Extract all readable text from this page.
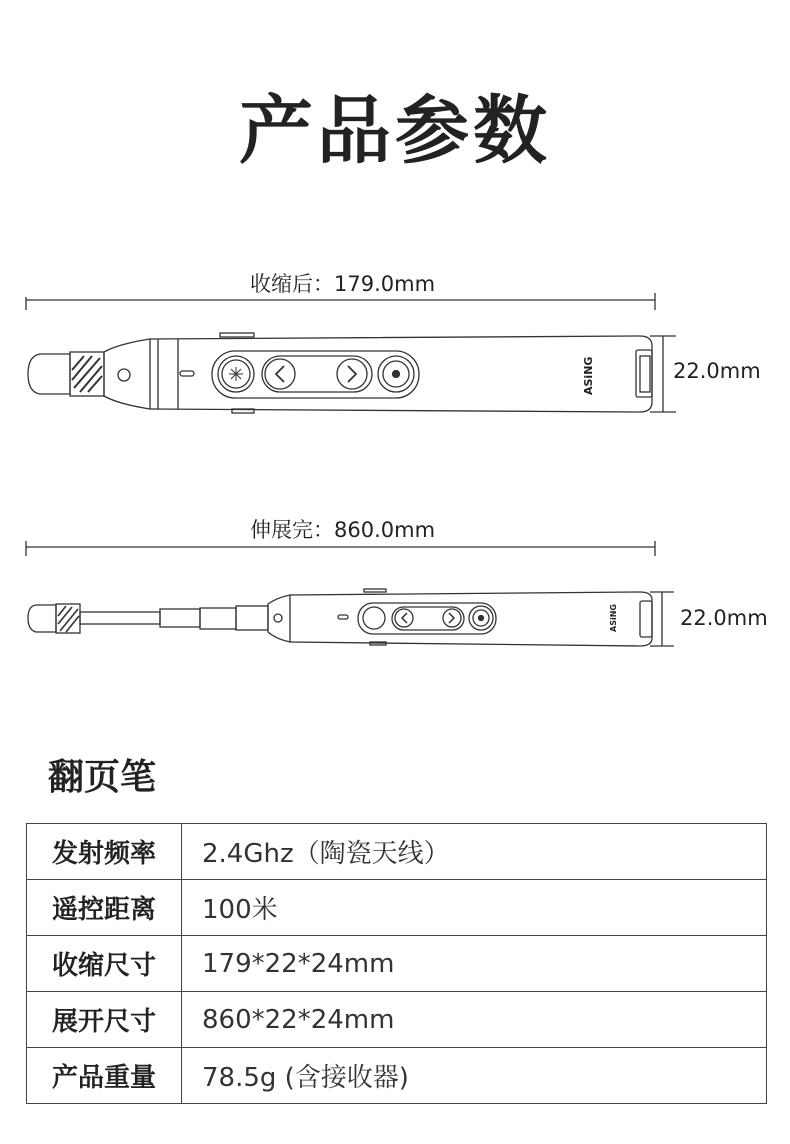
产品参数
收缩后：179.0mm
22.0mm
ASiNG
伸展完：860.0mm
22.0mm
ASiNG
翻页笔
发射频率	2.4Ghz（陶瓷天线）
遥控距离	100米
收缩尺寸	179*22*24mm
展开尺寸	860*22*24mm
产品重量	78.5g (含接收器)
